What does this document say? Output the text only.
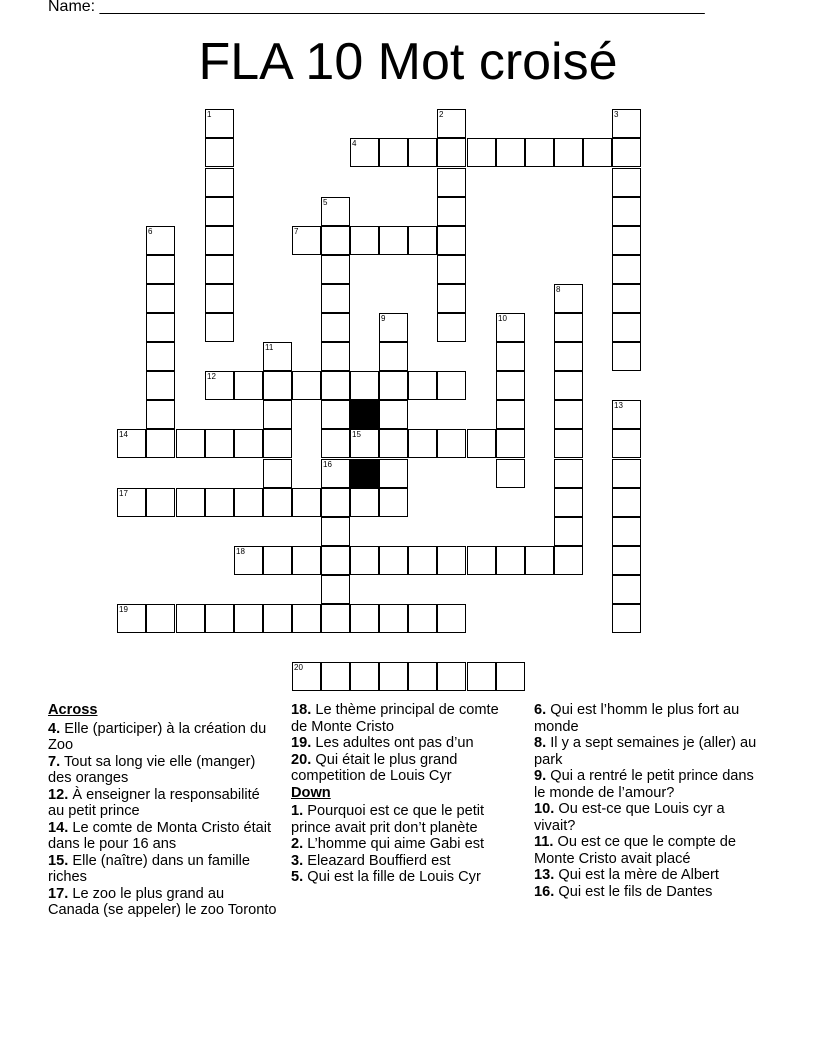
Name: ____________________________________________________________________
FLA 10 Mot croisé
1	2	3
4
5
6	7
8
9	10
11
12
13
14	15
16
17
18
19
20
Across
4. Elle (participer) à la création du Zoo
7. Tout sa long vie elle (manger) des oranges
12. À enseigner la responsabilité au petit prince
14. Le comte de Monta Cristo était dans le pour 16 ans
15. Elle (naître) dans un famille riches
17. Le zoo le plus grand au Canada (se appeler) le zoo Toronto
18. Le thème principal de comte de Monte Cristo
19. Les adultes ont pas d’un
20. Qui était le plus grand competition de Louis Cyr
Down
1. Pourquoi est ce que le petit prince avait prit don’t planète
2. L’homme qui aime Gabi est
3. Eleazard Bouffierd est
5. Qui est la fille de Louis Cyr
6. Qui est l’homm le plus fort au monde
8. Il y a sept semaines je (aller) au park
9. Qui a rentré le petit prince dans le monde de l’amour?
10. Ou est-ce que Louis cyr a vivait?
11. Ou est ce que le compte de Monte Cristo avait placé
13. Qui est la mère de Albert
16. Qui est le fils de Dantes
